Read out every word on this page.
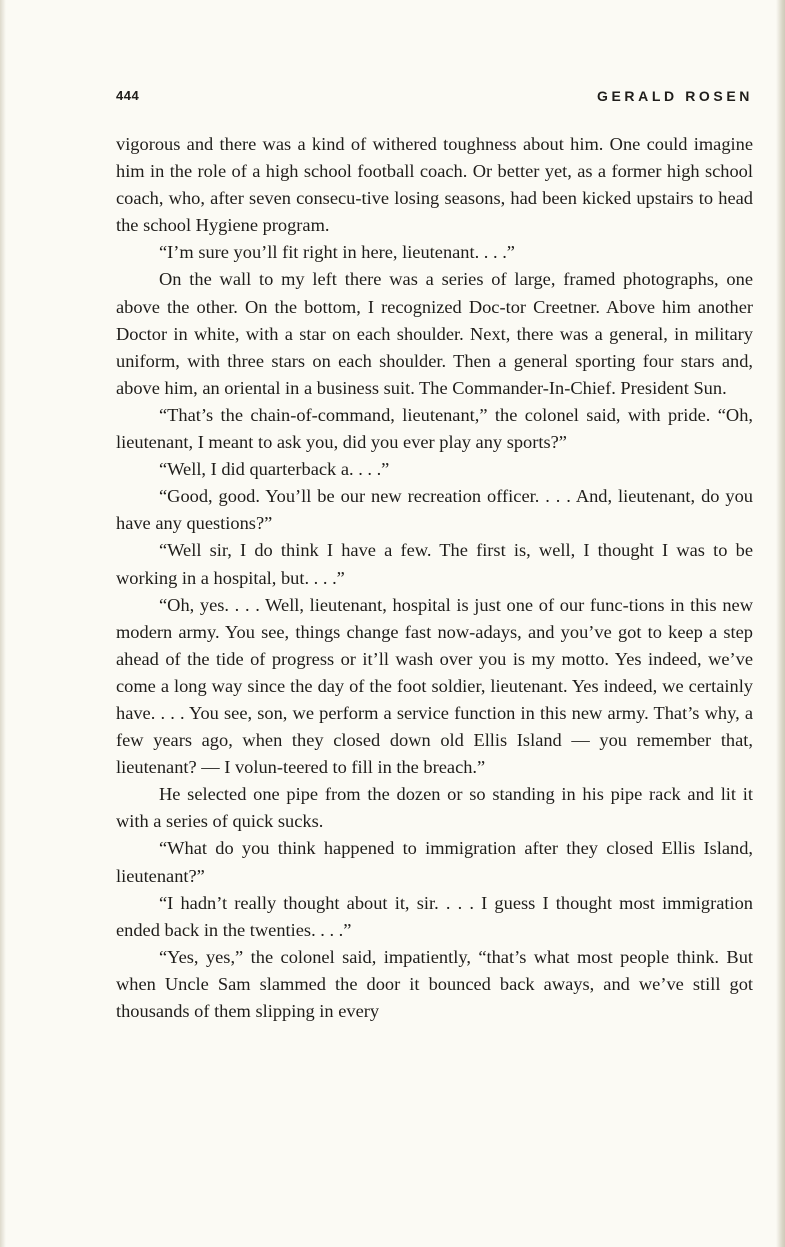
444	GERALD ROSEN

vigorous and there was a kind of withered toughness about him. One could imagine him in the role of a high school football coach. Or better yet, as a former high school coach, who, after seven consecu-tive losing seasons, had been kicked upstairs to head the school Hygiene program.

“I’m sure you’ll fit right in here, lieutenant. . . .”

On the wall to my left there was a series of large, framed photographs, one above the other. On the bottom, I recognized Doc-tor Creetner. Above him another Doctor in white, with a star on each shoulder. Next, there was a general, in military uniform, with three stars on each shoulder. Then a general sporting four stars and, above him, an oriental in a business suit. The Commander-In-Chief. President Sun.

“That’s the chain-of-command, lieutenant,” the colonel said, with pride. “Oh, lieutenant, I meant to ask you, did you ever play any sports?”

“Well, I did quarterback a. . . .”

“Good, good. You’ll be our new recreation officer. . . . And, lieutenant, do you have any questions?”

“Well sir, I do think I have a few. The first is, well, I thought I was to be working in a hospital, but. . . .”

“Oh, yes. . . . Well, lieutenant, hospital is just one of our func-tions in this new modern army. You see, things change fast now-adays, and you’ve got to keep a step ahead of the tide of progress or it’ll wash over you is my motto. Yes indeed, we’ve come a long way since the day of the foot soldier, lieutenant. Yes indeed, we certainly have. . . . You see, son, we perform a service function in this new army. That’s why, a few years ago, when they closed down old Ellis Island — you remember that, lieutenant? — I volun-teered to fill in the breach.”

He selected one pipe from the dozen or so standing in his pipe rack and lit it with a series of quick sucks.

“What do you think happened to immigration after they closed Ellis Island, lieutenant?”

“I hadn’t really thought about it, sir. . . . I guess I thought most immigration ended back in the twenties. . . .”

“Yes, yes,” the colonel said, impatiently, “that’s what most people think. But when Uncle Sam slammed the door it bounced back aways, and we’ve still got thousands of them slipping in every
